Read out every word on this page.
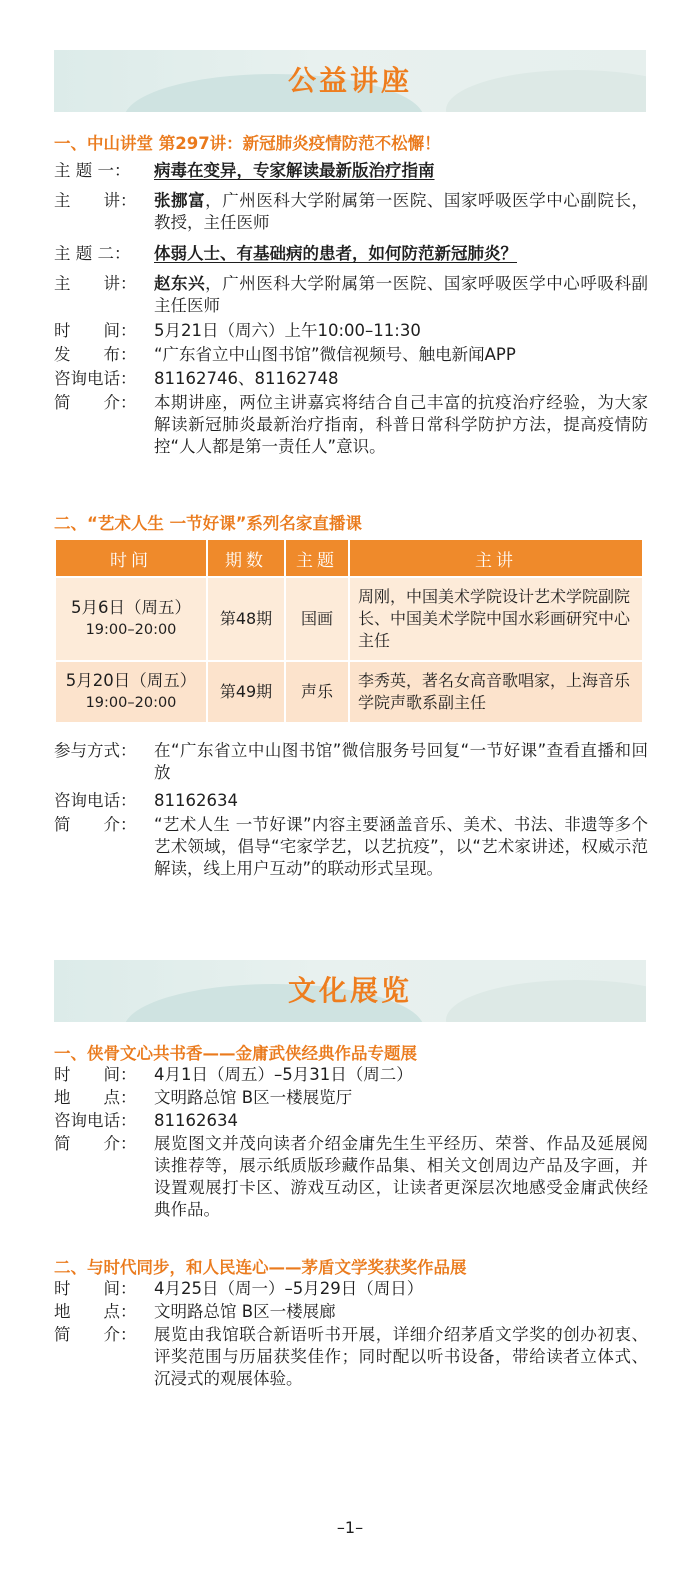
公益讲座
一、中山讲堂 第297讲：新冠肺炎疫情防范不松懈！
主 题 一：	病毒在变异，专家解读最新版治疗指南
主　　讲：	张挪富，广州医科大学附属第一医院、国家呼吸医学中心副院长，教授，主任医师
主 题 二：	体弱人士、有基础病的患者，如何防范新冠肺炎？
主　　讲：	赵东兴，广州医科大学附属第一医院、国家呼吸医学中心呼吸科副主任医师
时　　间：	5月21日（周六）上午10:00–11:30
发　　布：	“广东省立中山图书馆”微信视频号、触电新闻APP
咨询电话：	81162746、81162748
简　　介：	本期讲座，两位主讲嘉宾将结合自己丰富的抗疫治疗经验，为大家解读新冠肺炎最新治疗指南，科普日常科学防护方法，提高疫情防控“人人都是第一责任人”意识。
二、“艺术人生 一节好课”系列名家直播课
时间	期数	主题	主讲

5月6日（周五）
19:00–20:00	第48期	国画	周刚，中国美术学院设计艺术学院副院长、中国美术学院中国水彩画研究中心主任

5月20日（周五）
19:00–20:00	第49期	声乐	李秀英，著名女高音歌唱家，上海音乐学院声歌系副主任
参与方式：	在“广东省立中山图书馆”微信服务号回复“一节好课”查看直播和回放
咨询电话：	81162634
简　　介：	“艺术人生 一节好课”内容主要涵盖音乐、美术、书法、非遗等多个艺术领域，倡导“宅家学艺，以艺抗疫”，以“艺术家讲述，权威示范解读，线上用户互动”的联动形式呈现。
文化展览
一、侠骨文心共书香——金庸武侠经典作品专题展
时　　间：	4月1日（周五）–5月31日（周二）
地　　点：	文明路总馆 B区一楼展览厅
咨询电话：	81162634
简　　介：	展览图文并茂向读者介绍金庸先生生平经历、荣誉、作品及延展阅读推荐等，展示纸质版珍藏作品集、相关文创周边产品及字画，并设置观展打卡区、游戏互动区，让读者更深层次地感受金庸武侠经典作品。
二、与时代同步，和人民连心——茅盾文学奖获奖作品展
时　　间：	4月25日（周一）–5月29日（周日）
地　　点：	文明路总馆 B区一楼展廊
简　　介：	展览由我馆联合新语听书开展，详细介绍茅盾文学奖的创办初衷、评奖范围与历届获奖佳作；同时配以听书设备，带给读者立体式、沉浸式的观展体验。
–1–
